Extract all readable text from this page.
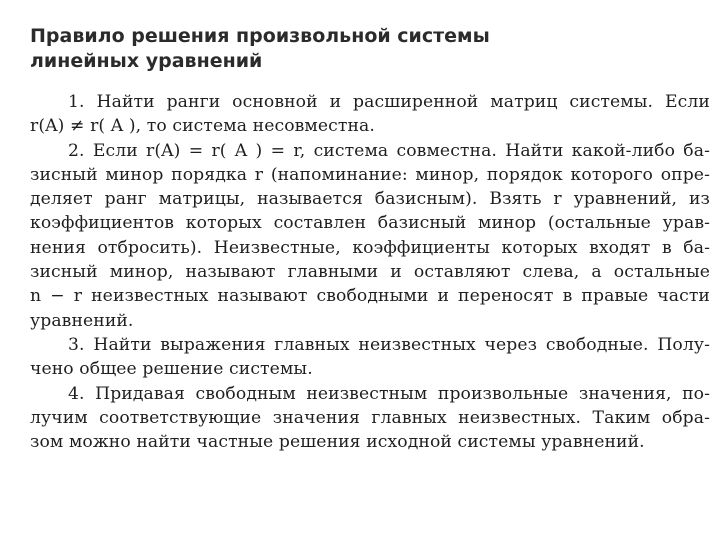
Правило решения произвольной системы
линейных уравнений
1. Найти ранги основной и расширенной матриц системы. Если
r(A) ≠ r( A ), то система несовместна.
2. Если r(A) = r( A ) = r, система совместна. Найти какой-либо ба-
зисный минор порядка r (напоминание: минор, порядок которого опре-
деляет ранг матрицы, называется базисным). Взять r уравнений, из
коэффициентов которых составлен базисный минор (остальные урав-
нения отбросить). Неизвестные, коэффициенты которых входят в ба-
зисный минор, называют главными и оставляют слева, а остальные
n − r неизвестных называют свободными и переносят в правые части
уравнений.
3. Найти выражения главных неизвестных через свободные. Полу-
чено общее решение системы.
4. Придавая свободным неизвестным произвольные значения, по-
лучим соответствующие значения главных неизвестных. Таким обра-
зом можно найти частные решения исходной системы уравнений.
